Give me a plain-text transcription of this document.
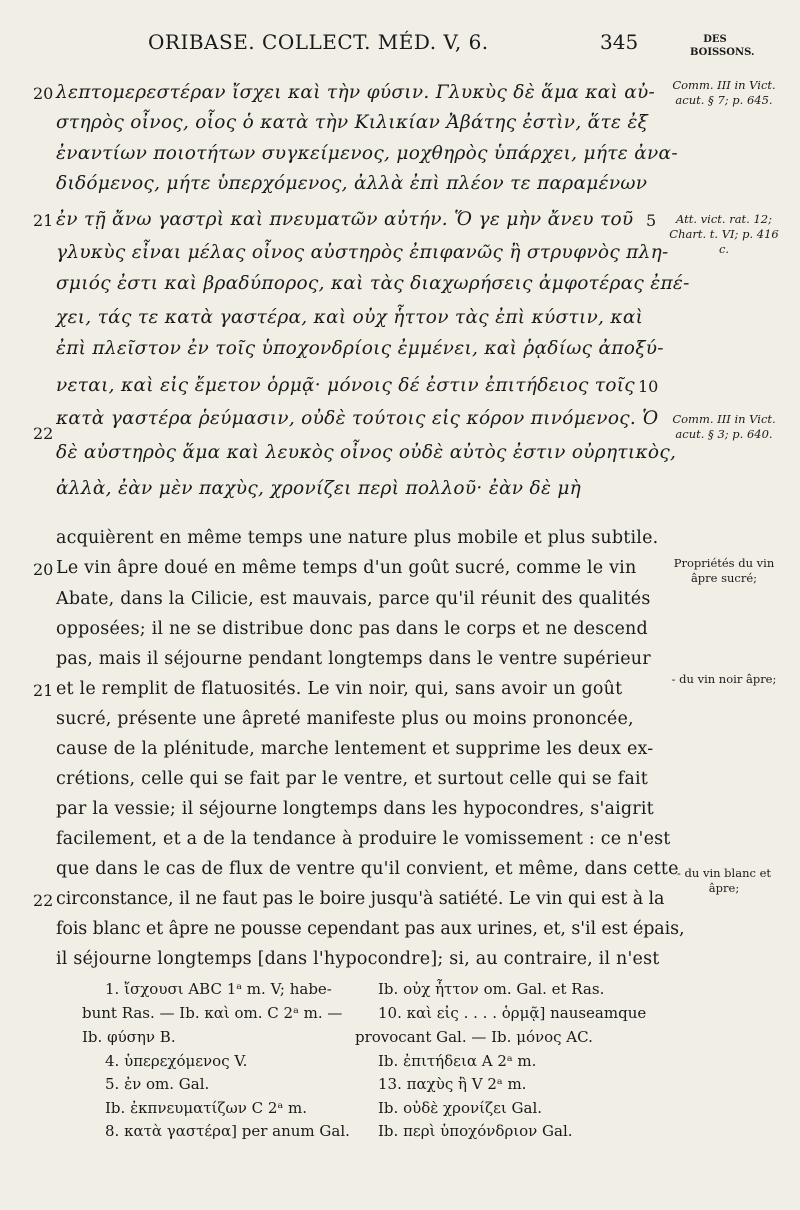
ORIBASE. COLLECT. MÉD. V, 6.	345	DES BOISSONS.
20 λεπτομερεστέραν ἴσχει καὶ τὴν φύσιν. Γλυκὺς δὲ ἅμα καὶ αὐ-
στηρὸς οἶνος, οἷος ὁ κατὰ τὴν Κιλικίαν Ἀβάτης ἐστὶν, ἅτε ἐξ
ἐναντίων ποιοτήτων συγκείμενος, μοχθηρὸς ὑπάρχει, μήτε ἀνα-
διδόμενος, μήτε ὑπερχόμενος, ἀλλὰ ἐπὶ πλέον τε παραμένων
21 ἐν τῇ ἄνω γαστρὶ καὶ πνευματῶν αὐτήν. Ὅ γε μὴν ἄνευ τοῦ
γλυκὺς εἶναι μέλας οἶνος αὐστηρὸς ἐπιφανῶς ἢ στρυφνὸς πλη-
σμιός ἐστι καὶ βραδύπορος, καὶ τὰς διαχωρήσεις ἀμφοτέρας ἐπέ-
χει, τάς τε κατὰ γαστέρα, καὶ οὐχ ἧττον τὰς ἐπὶ κύστιν, καὶ
ἐπὶ πλεῖστον ἐν τοῖς ὑποχονδρίοις ἐμμένει, καὶ ῥᾳδίως ἀποξύ-
νεται, καὶ εἰς ἔμετον ὁρμᾷ· μόνοις δέ ἐστιν ἐπιτήδειος τοῖς
22
κατὰ γαστέρα ῥεύμασιν, οὐδὲ τούτοις εἰς κόρον πινόμενος. Ὁ
δὲ αὐστηρὸς ἅμα καὶ λευκὸς οἶνος οὐδὲ αὐτὸς ἐστιν οὐρητικὸς,
ἀλλὰ, ἐὰν μὲν παχὺς, χρονίζει περὶ πολλοῦ· ἐὰν δὲ μὴ
5
10
Comm. III in Vict. acut. § 7; p. 645.
Att. vict. rat. 12; Chart. t. VI; p. 416 c.
Comm. III in Vict. acut. § 3; p. 640.
acquièrent en même temps une nature plus mobile et plus subtile.
20 Le vin âpre doué en même temps d'un goût sucré, comme le vin
Abate, dans la Cilicie, est mauvais, parce qu'il réunit des qualités
opposées; il ne se distribue donc pas dans le corps et ne descend
pas, mais il séjourne pendant longtemps dans le ventre supérieur
21 et le remplit de flatuosités. Le vin noir, qui, sans avoir un goût
sucré, présente une âpreté manifeste plus ou moins prononcée,
cause de la plénitude, marche lentement et supprime les deux ex-
crétions, celle qui se fait par le ventre, et surtout celle qui se fait
par la vessie; il séjourne longtemps dans les hypocondres, s'aigrit
facilement, et a de la tendance à produire le vomissement : ce n'est
que dans le cas de flux de ventre qu'il convient, et même, dans cette
22 circonstance, il ne faut pas le boire jusqu'à satiété. Le vin qui est à la
fois blanc et âpre ne pousse cependant pas aux urines, et, s'il est épais,
il séjourne longtemps [dans l'hypocondre]; si, au contraire, il n'est
Propriétés du vin âpre sucré;
- du vin noir âpre;
- du vin blanc et âpre;
1. ἴσχουσι ABC 1ᵃ m. V; habe-
bunt Ras. — Ib. καὶ om. C 2ᵃ m. —
Ib. φύσην B.
4. ὑπερεχόμενος V.
5. ἐν om. Gal.
Ib. ἐκπνευματίζων C 2ᵃ m.
8. κατὰ γαστέρα] per anum Gal.
Ib. οὐχ ἧττον om. Gal. et Ras.
10. καὶ εἰς . . . . ὁρμᾷ] nauseamque
provocant Gal. — Ib. μόνος AC.
Ib. ἐπιτήδεια A 2ᵃ m.
13. παχὺς ἢ V 2ᵃ m.
Ib. οὐδὲ χρονίζει Gal.
Ib. περὶ ὑποχόνδριον Gal.
